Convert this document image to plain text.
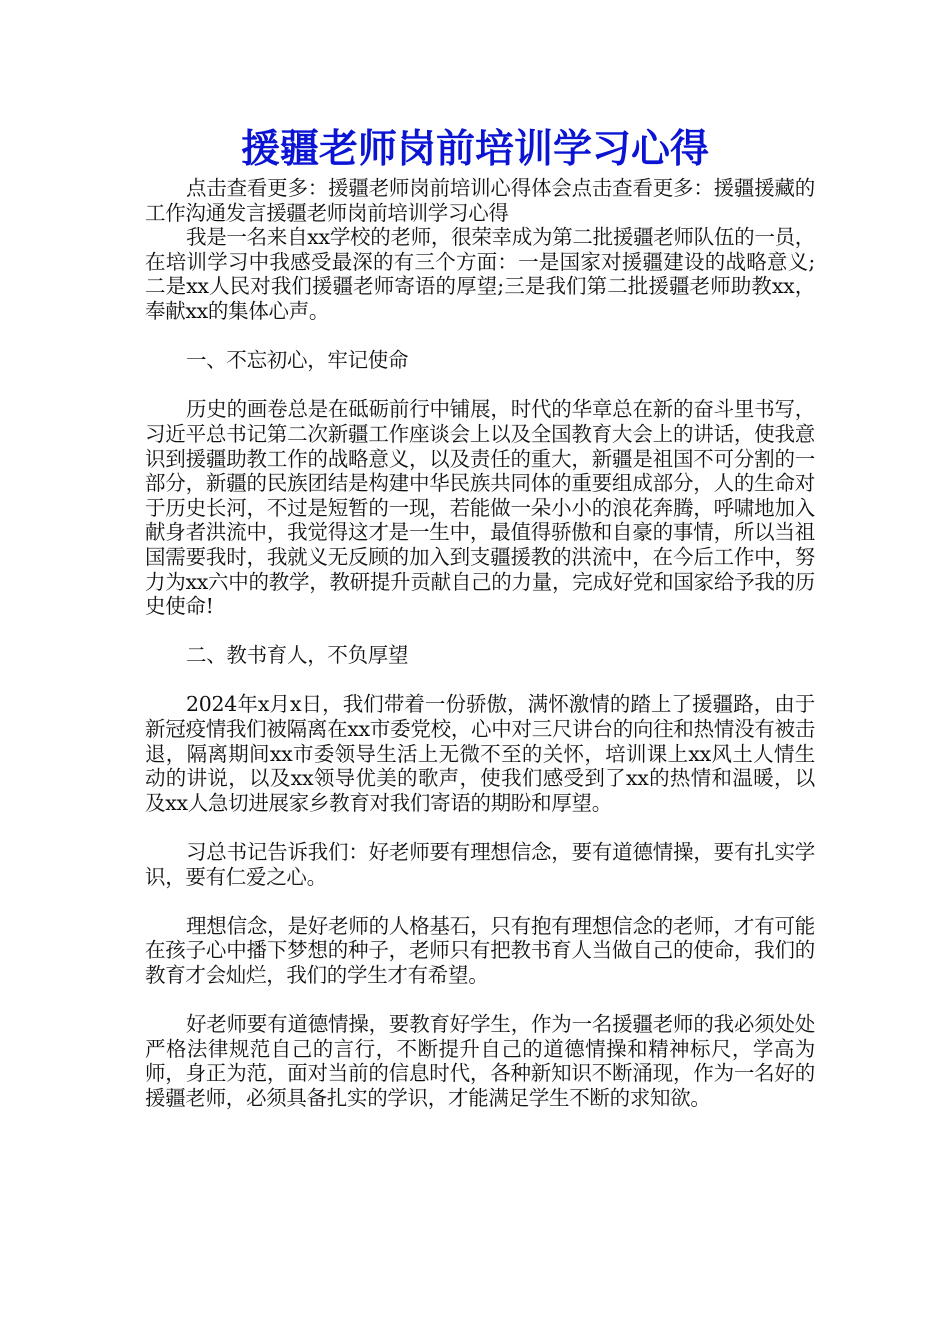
援疆老师岗前培训学习心得

点击查看更多：援疆老师岗前培训心得体会点击查看更多：援疆援藏的工作沟通发言援疆老师岗前培训学习心得

我是一名来自xx学校的老师，很荣幸成为第二批援疆老师队伍的一员，在培训学习中我感受最深的有三个方面：一是国家对援疆建设的战略意义;二是xx人民对我们援疆老师寄语的厚望;三是我们第二批援疆老师助教xx，奉献xx的集体心声。

一、不忘初心，牢记使命

历史的画卷总是在砥砺前行中铺展，时代的华章总在新的奋斗里书写，习近平总书记第二次新疆工作座谈会上以及全国教育大会上的讲话，使我意识到援疆助教工作的战略意义，以及责任的重大，新疆是祖国不可分割的一部分，新疆的民族团结是构建中华民族共同体的重要组成部分，人的生命对于历史长河，不过是短暂的一现，若能做一朵小小的浪花奔腾，呼啸地加入献身者洪流中，我觉得这才是一生中，最值得骄傲和自豪的事情，所以当祖国需要我时，我就义无反顾的加入到支疆援教的洪流中，在今后工作中，努力为xx六中的教学，教研提升贡献自己的力量，完成好党和国家给予我的历史使命!

二、教书育人，不负厚望

2024年x月x日，我们带着一份骄傲，满怀激情的踏上了援疆路，由于新冠疫情我们被隔离在xx市委党校，心中对三尺讲台的向往和热情没有被击退，隔离期间xx市委领导生活上无微不至的关怀，培训课上xx风土人情生动的讲说，以及xx领导优美的歌声，使我们感受到了xx的热情和温暖，以及xx人急切进展家乡教育对我们寄语的期盼和厚望。

习总书记告诉我们：好老师要有理想信念，要有道德情操，要有扎实学识，要有仁爱之心。

理想信念，是好老师的人格基石，只有抱有理想信念的老师，才有可能在孩子心中播下梦想的种子，老师只有把教书育人当做自己的使命，我们的教育才会灿烂，我们的学生才有希望。

好老师要有道德情操，要教育好学生，作为一名援疆老师的我必须处处严格法律规范自己的言行，不断提升自己的道德情操和精神标尺，学高为师，身正为范，面对当前的信息时代，各种新知识不断涌现，作为一名好的援疆老师，必须具备扎实的学识，才能满足学生不断的求知欲。
